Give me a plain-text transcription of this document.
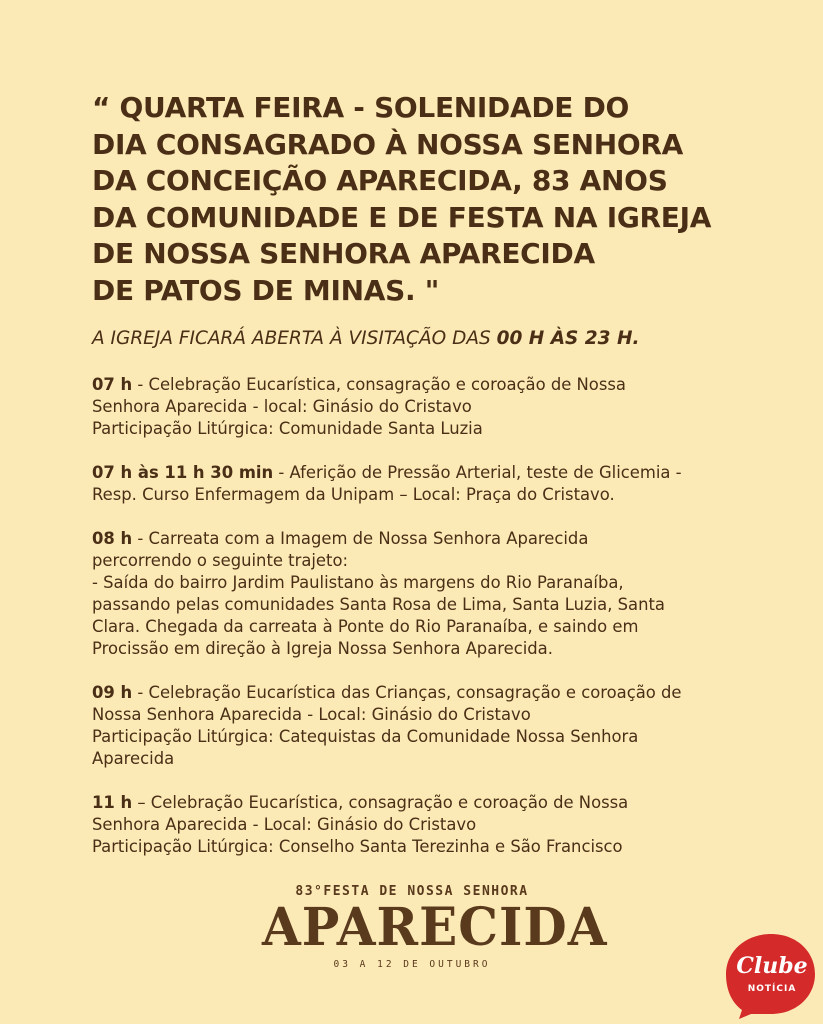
“ QUARTA FEIRA - SOLENIDADE DO
DIA CONSAGRADO À NOSSA SENHORA
DA CONCEIÇÃO APARECIDA, 83 ANOS
DA COMUNIDADE E DE FESTA NA IGREJA
DE NOSSA SENHORA APARECIDA
DE PATOS DE MINAS. "
A IGREJA FICARÁ ABERTA À VISITAÇÃO DAS 00 H ÀS 23 H.
07 h - Celebração Eucarística, consagração e coroação de Nossa
Senhora Aparecida - local: Ginásio do Cristavo
Participação Litúrgica: Comunidade Santa Luzia
07 h às 11 h 30 min - Aferição de Pressão Arterial, teste de Glicemia -
Resp. Curso Enfermagem da Unipam – Local: Praça do Cristavo.
08 h - Carreata com a Imagem de Nossa Senhora Aparecida
percorrendo o seguinte trajeto:
- Saída do bairro Jardim Paulistano às margens do Rio Paranaíba,
passando pelas comunidades Santa Rosa de Lima, Santa Luzia, Santa
Clara. Chegada da carreata à Ponte do Rio Paranaíba, e saindo em
Procissão em direção à Igreja Nossa Senhora Aparecida.
09 h - Celebração Eucarística das Crianças, consagração e coroação de
Nossa Senhora Aparecida - Local: Ginásio do Cristavo
Participação Litúrgica: Catequistas da Comunidade Nossa Senhora
Aparecida
11 h – Celebração Eucarística, consagração e coroação de Nossa
Senhora Aparecida - Local: Ginásio do Cristavo
Participação Litúrgica: Conselho Santa Terezinha e São Francisco
83°FESTA DE NOSSA SENHORA
APARECIDA
03 A 12 DE OUTUBRO	Clube
NOTÍCIA
